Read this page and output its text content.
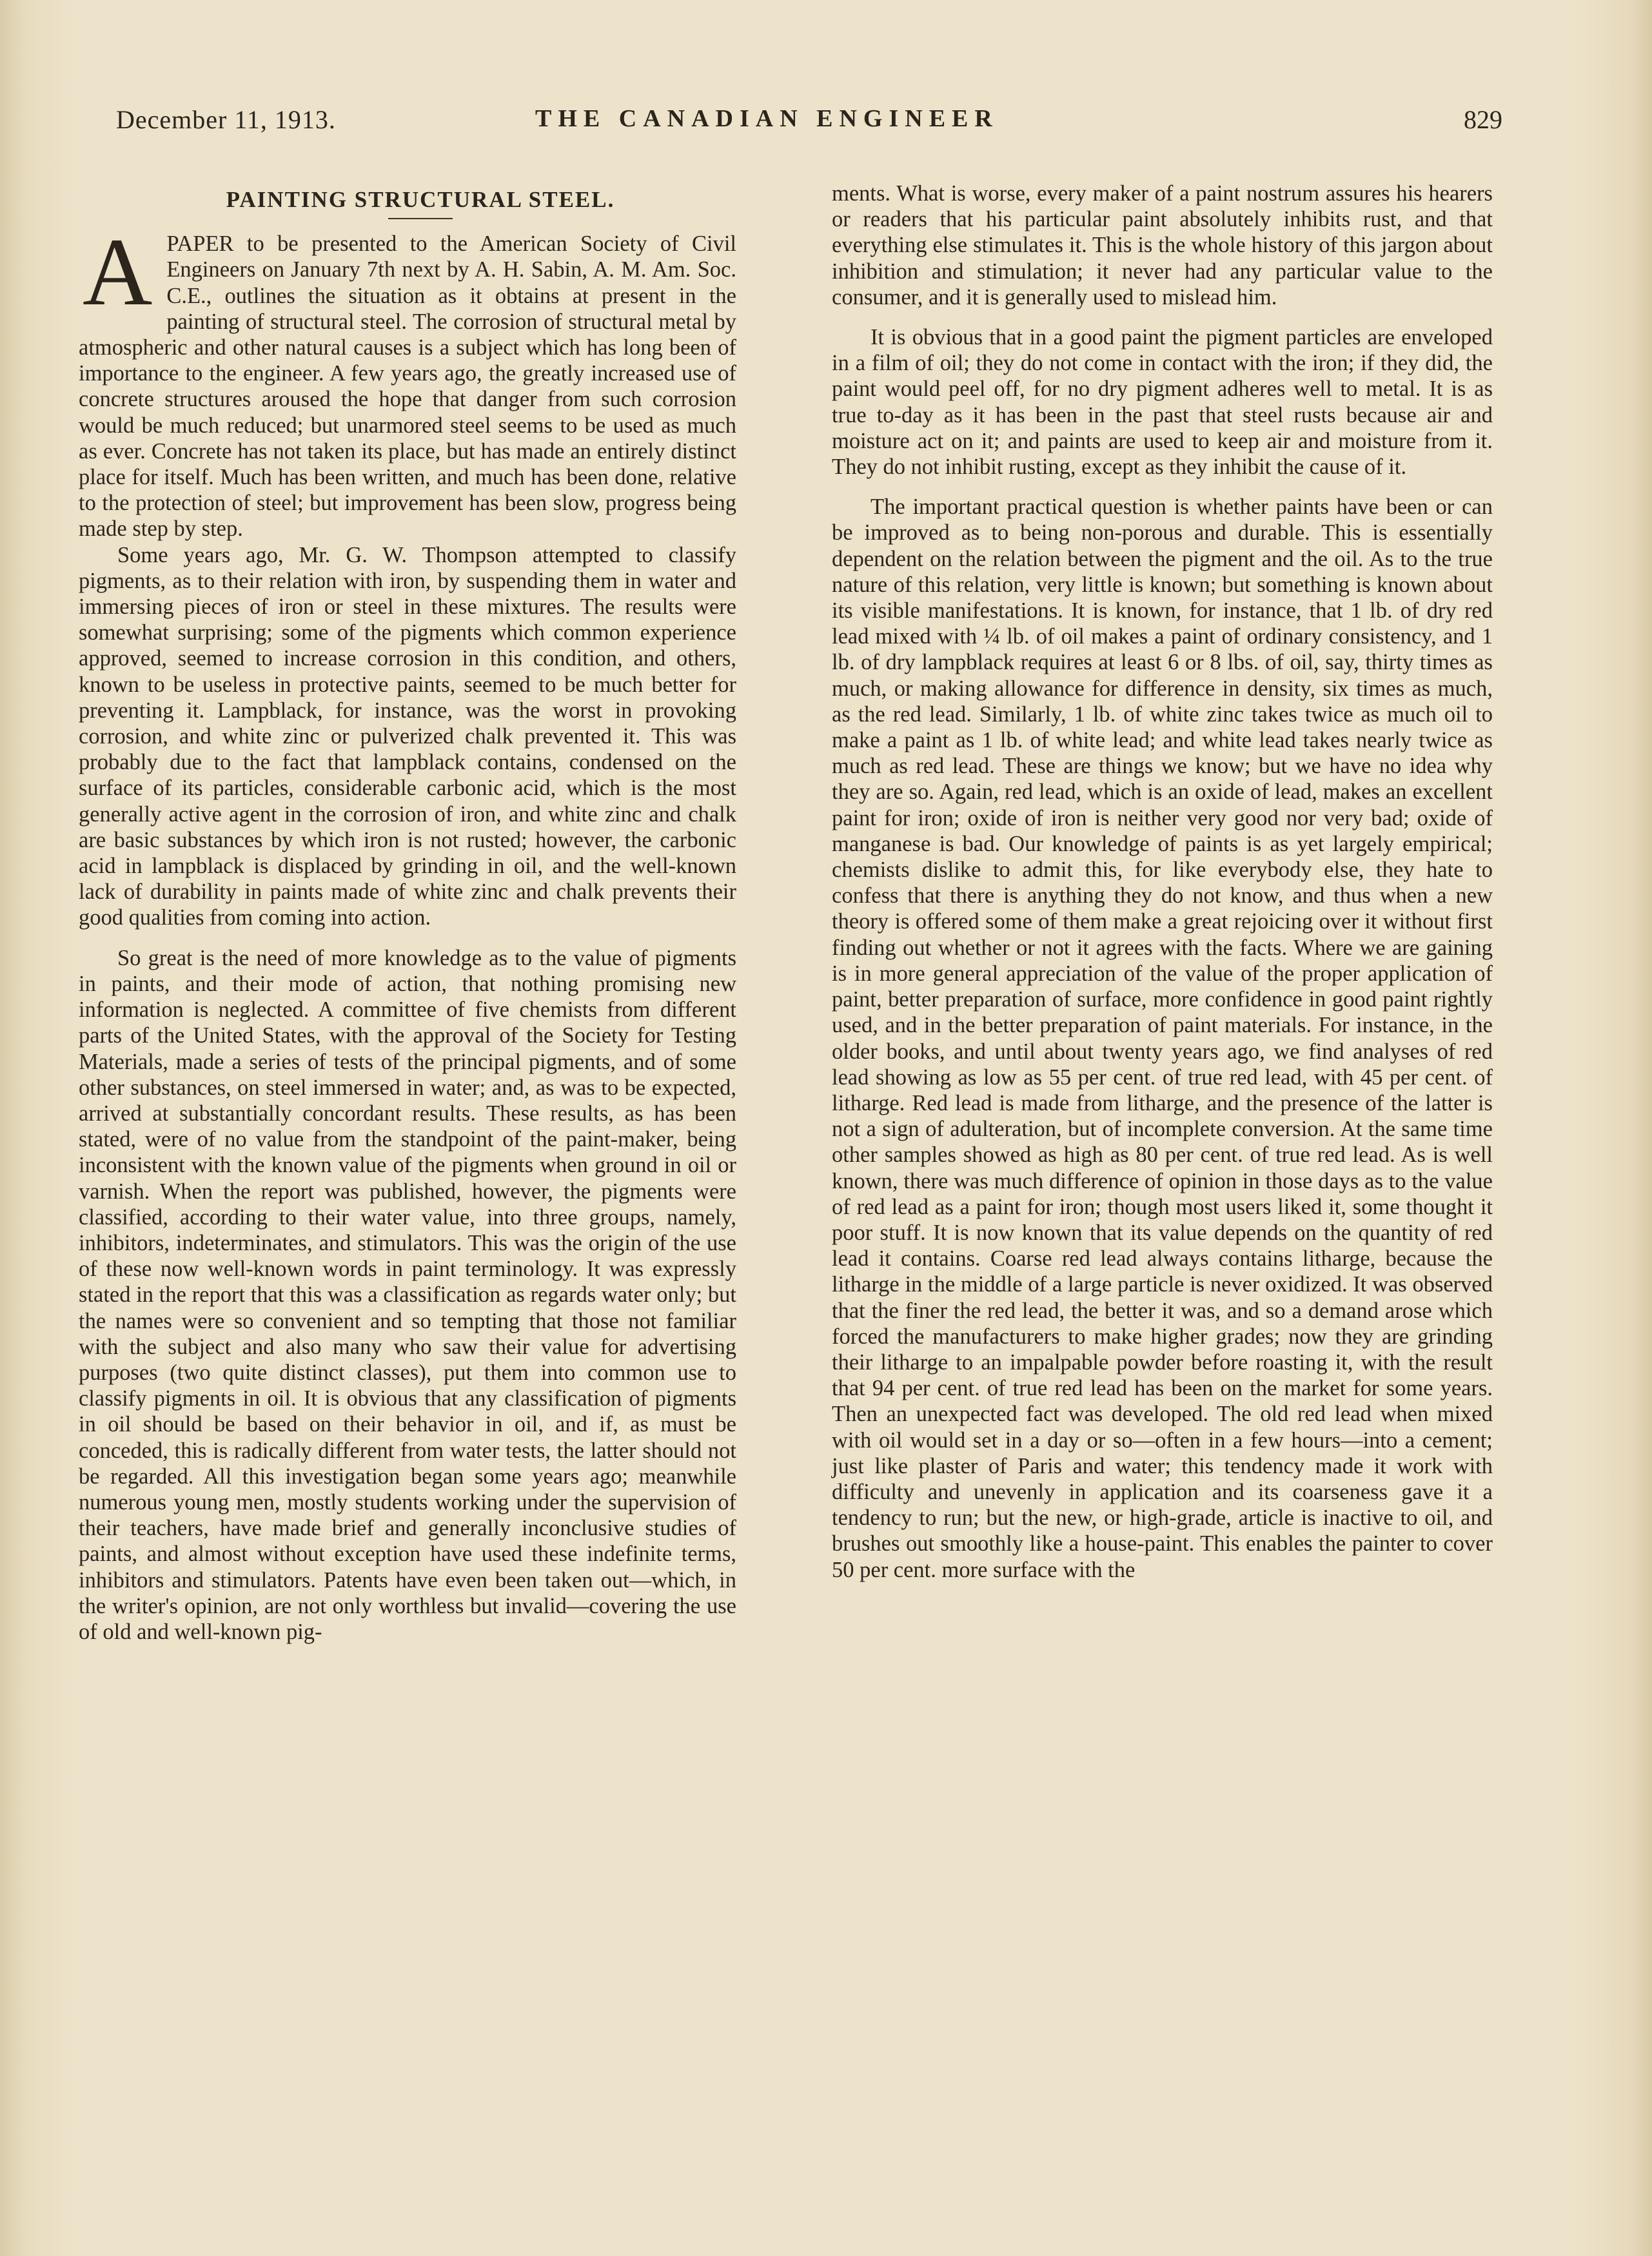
December 11, 1913.	THE CANADIAN ENGINEER	829
PAINTING STRUCTURAL STEEL.

APAPER to be presented to the American Society of Civil Engineers on January 7th next by A. H. Sabin, A. M. Am. Soc. C.E., outlines the situation as it obtains at present in the painting of structural steel. The corrosion of structural metal by atmospheric and other natural causes is a subject which has long been of importance to the engineer. A few years ago, the greatly increased use of concrete structures aroused the hope that danger from such corrosion would be much reduced; but unarmored steel seems to be used as much as ever. Concrete has not taken its place, but has made an entirely distinct place for itself. Much has been written, and much has been done, relative to the protection of steel; but improvement has been slow, progress being made step by step.

Some years ago, Mr. G. W. Thompson attempted to classify pigments, as to their relation with iron, by suspending them in water and immersing pieces of iron or steel in these mixtures. The results were somewhat surprising; some of the pigments which common experience approved, seemed to increase corrosion in this condition, and others, known to be useless in protective paints, seemed to be much better for preventing it. Lampblack, for instance, was the worst in provoking corrosion, and white zinc or pulverized chalk prevented it. This was probably due to the fact that lampblack contains, condensed on the surface of its particles, considerable carbonic acid, which is the most generally active agent in the corrosion of iron, and white zinc and chalk are basic substances by which iron is not rusted; however, the carbonic acid in lampblack is displaced by grinding in oil, and the well-known lack of durability in paints made of white zinc and chalk prevents their good qualities from coming into action.

So great is the need of more knowledge as to the value of pigments in paints, and their mode of action, that nothing promising new information is neglected. A committee of five chemists from different parts of the United States, with the approval of the Society for Testing Materials, made a series of tests of the principal pigments, and of some other substances, on steel immersed in water; and, as was to be expected, arrived at substantially concordant results. These results, as has been stated, were of no value from the standpoint of the paint-maker, being inconsistent with the known value of the pigments when ground in oil or varnish. When the report was published, however, the pigments were classified, according to their water value, into three groups, namely, inhibitors, indeterminates, and stimulators. This was the origin of the use of these now well-known words in paint terminology. It was expressly stated in the report that this was a classification as regards water only; but the names were so convenient and so tempting that those not familiar with the subject and also many who saw their value for advertising purposes (two quite distinct classes), put them into common use to classify pigments in oil. It is obvious that any classification of pigments in oil should be based on their behavior in oil, and if, as must be conceded, this is radically different from water tests, the latter should not be regarded. All this investigation began some years ago; meanwhile numerous young men, mostly students working under the supervision of their teachers, have made brief and generally inconclusive studies of paints, and almost without exception have used these indefinite terms, inhibitors and stimulators. Patents have even been taken out—which, in the writer's opinion, are not only worthless but invalid—covering the use of old and well-known pig-

ments. What is worse, every maker of a paint nostrum assures his hearers or readers that his particular paint absolutely inhibits rust, and that everything else stimulates it. This is the whole history of this jargon about inhibition and stimulation; it never had any particular value to the consumer, and it is generally used to mislead him.

It is obvious that in a good paint the pigment particles are enveloped in a film of oil; they do not come in contact with the iron; if they did, the paint would peel off, for no dry pigment adheres well to metal. It is as true to-day as it has been in the past that steel rusts because air and moisture act on it; and paints are used to keep air and moisture from it. They do not inhibit rusting, except as they inhibit the cause of it.

The important practical question is whether paints have been or can be improved as to being non-porous and durable. This is essentially dependent on the relation between the pigment and the oil. As to the true nature of this relation, very little is known; but something is known about its visible manifestations. It is known, for instance, that 1 lb. of dry red lead mixed with ¼ lb. of oil makes a paint of ordinary consistency, and 1 lb. of dry lampblack requires at least 6 or 8 lbs. of oil, say, thirty times as much, or making allowance for difference in density, six times as much, as the red lead. Similarly, 1 lb. of white zinc takes twice as much oil to make a paint as 1 lb. of white lead; and white lead takes nearly twice as much as red lead. These are things we know; but we have no idea why they are so. Again, red lead, which is an oxide of lead, makes an excellent paint for iron; oxide of iron is neither very good nor very bad; oxide of manganese is bad. Our knowledge of paints is as yet largely empirical; chemists dislike to admit this, for like everybody else, they hate to confess that there is anything they do not know, and thus when a new theory is offered some of them make a great rejoicing over it without first finding out whether or not it agrees with the facts. Where we are gaining is in more general appreciation of the value of the proper application of paint, better preparation of surface, more confidence in good paint rightly used, and in the better preparation of paint materials. For instance, in the older books, and until about twenty years ago, we find analyses of red lead showing as low as 55 per cent. of true red lead, with 45 per cent. of litharge. Red lead is made from litharge, and the presence of the latter is not a sign of adulteration, but of incomplete conversion. At the same time other samples showed as high as 80 per cent. of true red lead. As is well known, there was much difference of opinion in those days as to the value of red lead as a paint for iron; though most users liked it, some thought it poor stuff. It is now known that its value depends on the quantity of red lead it contains. Coarse red lead always contains litharge, because the litharge in the middle of a large particle is never oxidized. It was observed that the finer the red lead, the better it was, and so a demand arose which forced the manufacturers to make higher grades; now they are grinding their litharge to an impalpable powder before roasting it, with the result that 94 per cent. of true red lead has been on the market for some years. Then an unexpected fact was developed. The old red lead when mixed with oil would set in a day or so—often in a few hours—into a cement; just like plaster of Paris and water; this tendency made it work with difficulty and unevenly in application and its coarseness gave it a tendency to run; but the new, or high-grade, article is inactive to oil, and brushes out smoothly like a house-paint. This enables the painter to cover 50 per cent. more surface with the
